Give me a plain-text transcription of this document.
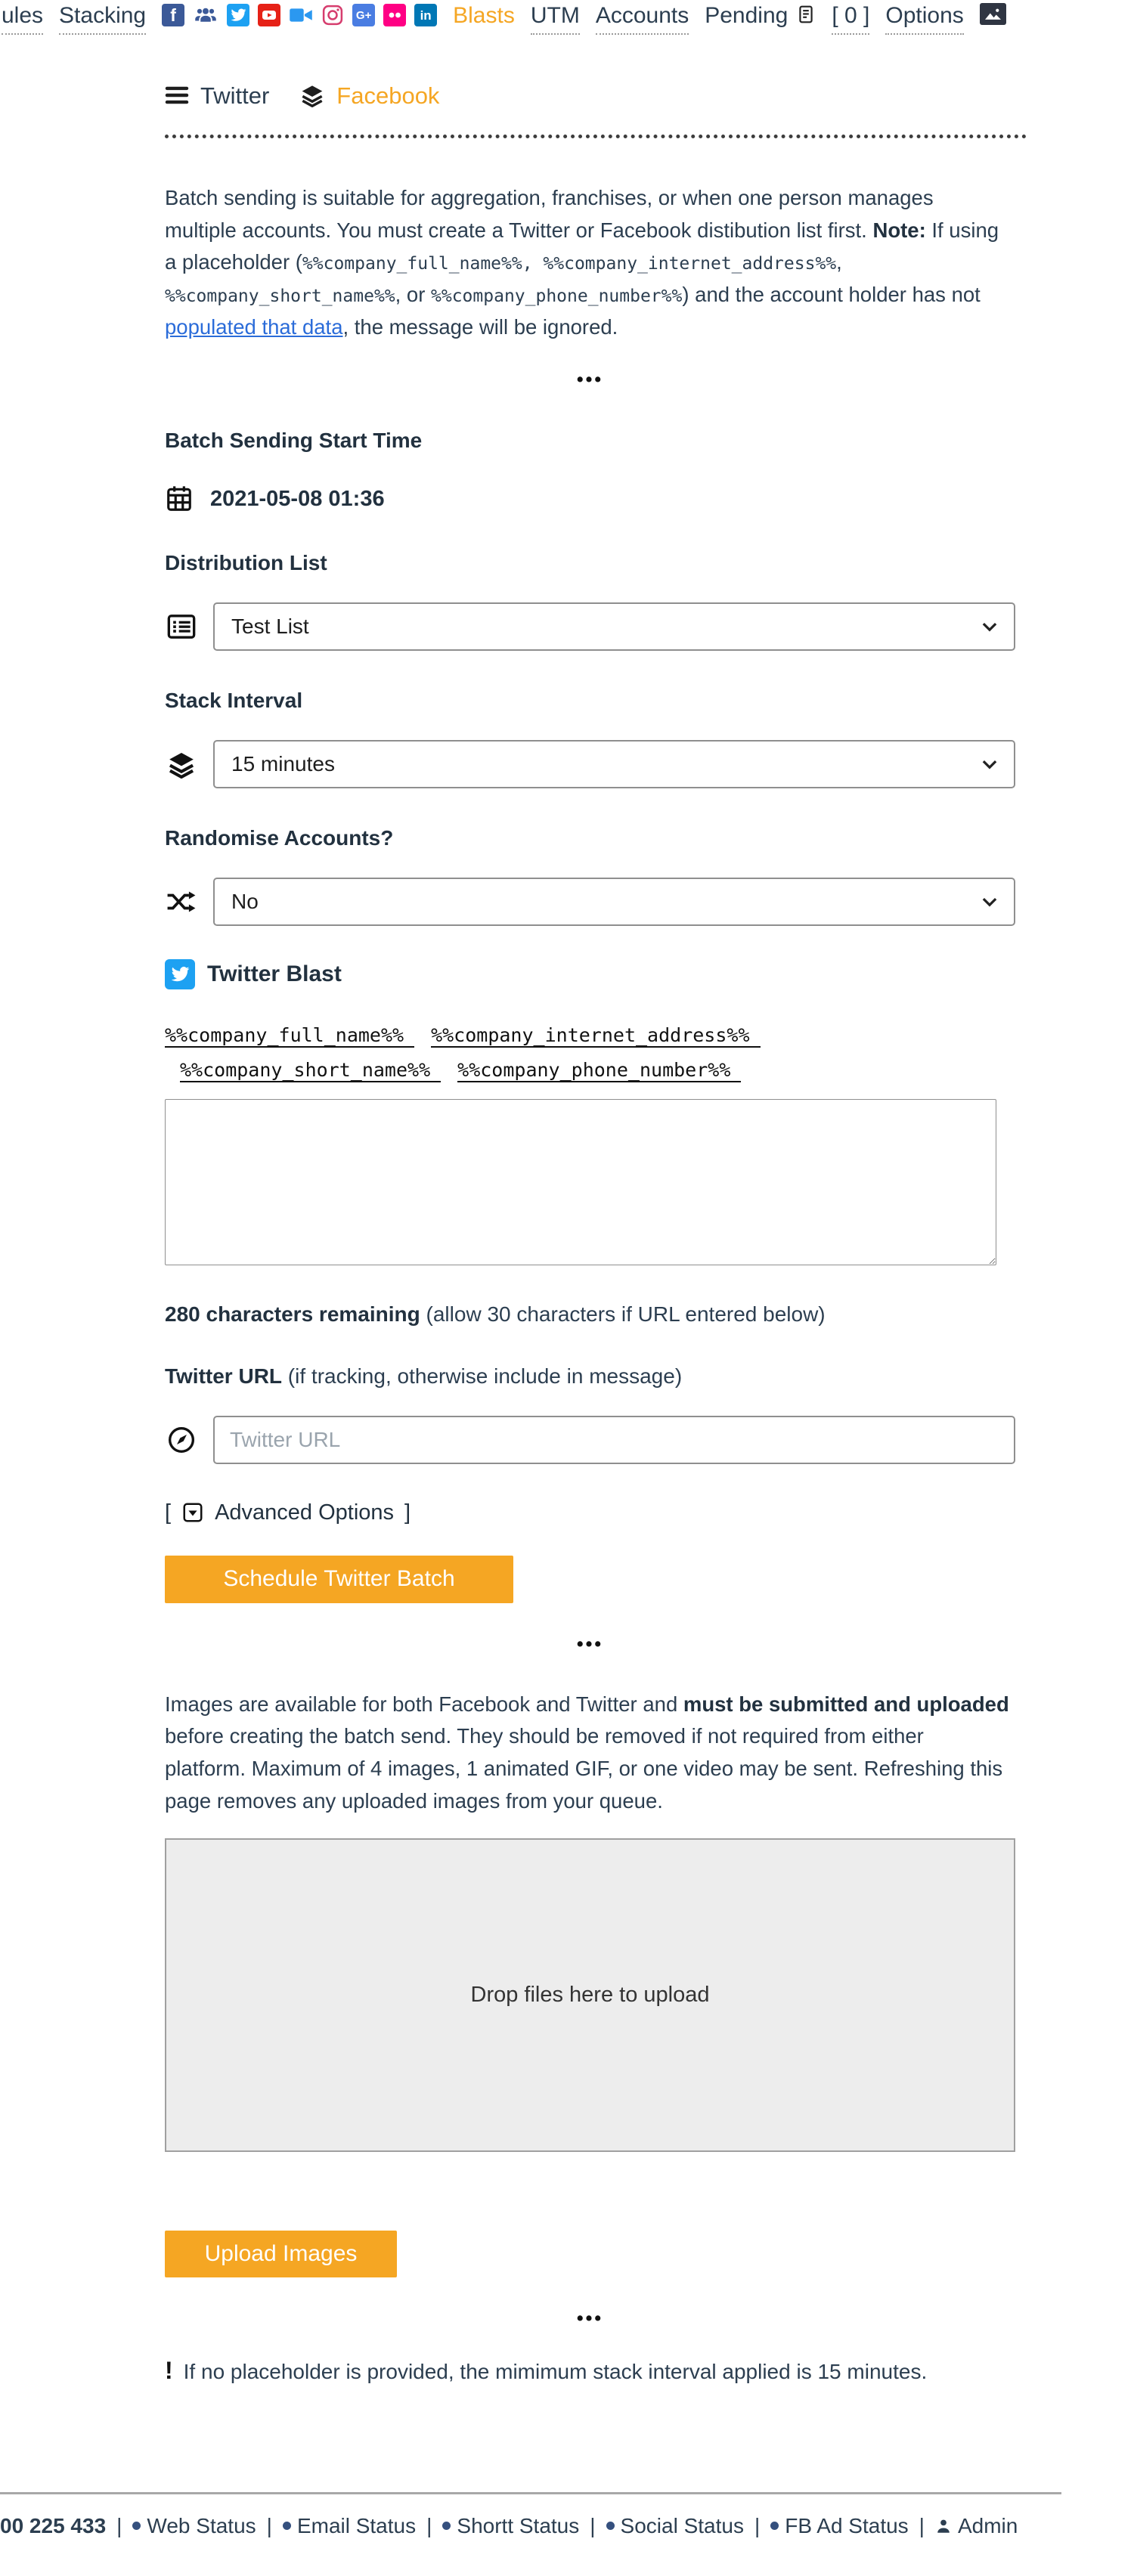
ules Stacking f	G+	in Blasts UTM Accounts Pending [ 0 ] Options
Twitter	Facebook

Batch sending is suitable for aggregation, franchises, or when one person manages multiple accounts. You must create a Twitter or Facebook distibution list first. Note: If using a placeholder (%%company_full_name%%, %%company_internet_address%%, %%company_short_name%%, or %%company_phone_number%%) and the account holder has not populated that data, the message will be ignored.

•••
Batch Sending Start Time
2021-05-08 01:36
Distribution List
Test List
Stack Interval
15 minutes
Randomise Accounts?
No
Twitter Blast
%%company_full_name%% %%company_internet_address%%
%%company_short_name%% %%company_phone_number%%
280 characters remaining (allow 30 characters if URL entered below)
Twitter URL (if tracking, otherwise include in message)
Twitter URL
[ Advanced Options ]
Schedule Twitter Batch
•••

Images are available for both Facebook and Twitter and must be submitted and uploaded before creating the batch send. They should be removed if not required from either platform. Maximum of 4 images, 1 animated GIF, or one video may be sent. Refreshing this page removes any uploaded images from your queue.

Drop files here to upload
Upload Images
•••
! If no placeholder is provided, the mimimum stack interval applied is 15 minutes.
00 225 433 | Web Status | Email Status | Shortt Status | Social Status | FB Ad Status | Admin
